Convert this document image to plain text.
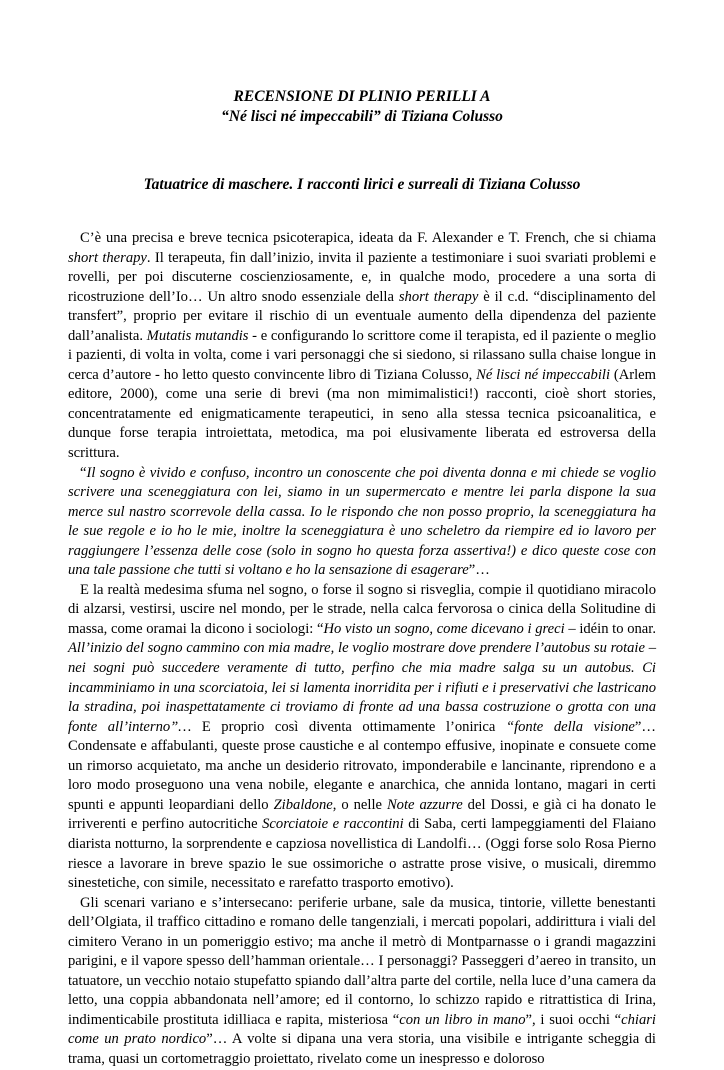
RECENSIONE DI PLINIO PERILLI A
“Né lisci né impeccabili” di Tiziana Colusso
Tatuatrice di maschere. I racconti lirici e surreali di Tiziana Colusso

C’è una precisa e breve tecnica psicoterapica, ideata da F. Alexander e T. French, che si chiama short therapy. Il terapeuta, fin dall’inizio, invita il paziente a testimoniare i suoi svariati problemi e rovelli, per poi discuterne coscienziosamente, e, in qualche modo, procedere a una sorta di ricostruzione dell’Io… Un altro snodo essenziale della short therapy è il c.d. “disciplinamento del transfert”, proprio per evitare il rischio di un eventuale aumento della dipendenza del paziente dall’analista. Mutatis mutandis - e configurando lo scrittore come il terapista, ed il paziente o meglio i pazienti, di volta in volta, come i vari personaggi che si siedono, si rilassano sulla chaise longue in cerca d’autore - ho letto questo convincente libro di Tiziana Colusso, Né lisci né impeccabili (Arlem editore, 2000), come una serie di brevi (ma non mimimalistici!) racconti, cioè short stories, concentratamente ed enigmaticamente terapeutici, in seno alla stessa tecnica psicoanalitica, e dunque forse terapia introiettata, metodica, ma poi elusivamente liberata ed estroversa della scrittura.

“Il sogno è vivido e confuso, incontro un conoscente che poi diventa donna e mi chiede se voglio scrivere una sceneggiatura con lei, siamo in un supermercato e mentre lei parla dispone la sua merce sul nastro scorrevole della cassa. Io le rispondo che non posso proprio, la sceneggiatura ha le sue regole e io ho le mie, inoltre la sceneggiatura è uno scheletro da riempire ed io lavoro per raggiungere l’essenza delle cose (solo in sogno ho questa forza assertiva!) e dico queste cose con una tale passione che tutti si voltano e ho la sensazione di esagerare”…

E la realtà medesima sfuma nel sogno, o forse il sogno si risveglia, compie il quotidiano miracolo di alzarsi, vestirsi, uscire nel mondo, per le strade, nella calca fervorosa o cinica della Solitudine di massa, come oramai la dicono i sociologi: “Ho visto un sogno, come dicevano i greci – idéin to onar. All’inizio del sogno cammino con mia madre, le voglio mostrare dove prendere l’autobus su rotaie – nei sogni può succedere veramente di tutto, perfino che mia madre salga su un autobus. Ci incamminiamo in una scorciatoia, lei si lamenta inorridita per i rifiuti e i preservativi che lastricano la stradina, poi inaspettatamente ci troviamo di fronte ad una bassa costruzione o grotta con una fonte all’interno”… E proprio così diventa ottimamente l’onirica “fonte della visione”… Condensate e affabulanti, queste prose caustiche e al contempo effusive, inopinate e consuete come un rimorso acquietato, ma anche un desiderio ritrovato, imponderabile e lancinante, riprendono e a loro modo proseguono una vena nobile, elegante e anarchica, che annida lontano, magari in certi spunti e appunti leopardiani dello Zibaldone, o nelle Note azzurre del Dossi, e già ci ha donato le irriverenti e perfino autocritiche Scorciatoie e raccontini di Saba, certi lampeggiamenti del Flaiano diarista notturno, la sorprendente e capziosa novellistica di Landolfi… (Oggi forse solo Rosa Pierno riesce a lavorare in breve spazio le sue ossimoriche o astratte prose visive, o musicali, diremmo sinestetiche, con simile, necessitato e rarefatto trasporto emotivo).

Gli scenari variano e s’intersecano: periferie urbane, sale da musica, tintorie, villette benestanti dell’Olgiata, il traffico cittadino e romano delle tangenziali, i mercati popolari, addirittura i viali del cimitero Verano in un pomeriggio estivo; ma anche il metrò di Montparnasse o i grandi magazzini parigini, e il vapore spesso dell’hamman orientale… I personaggi? Passeggeri d’aereo in transito, un tatuatore, un vecchio notaio stupefatto spiando dall’altra parte del cortile, nella luce d’una camera da letto, una coppia abbandonata nell’amore; ed il contorno, lo schizzo rapido e ritrattistica di Irina, indimenticabile prostituta idilliaca e rapita, misteriosa “con un libro in mano”, i suoi occhi “chiari come un prato nordico”… A volte si dipana una vera storia, una visibile e intrigante scheggia di trama, quasi un cortometraggio proiettato, rivelato come un inespresso e doloroso
